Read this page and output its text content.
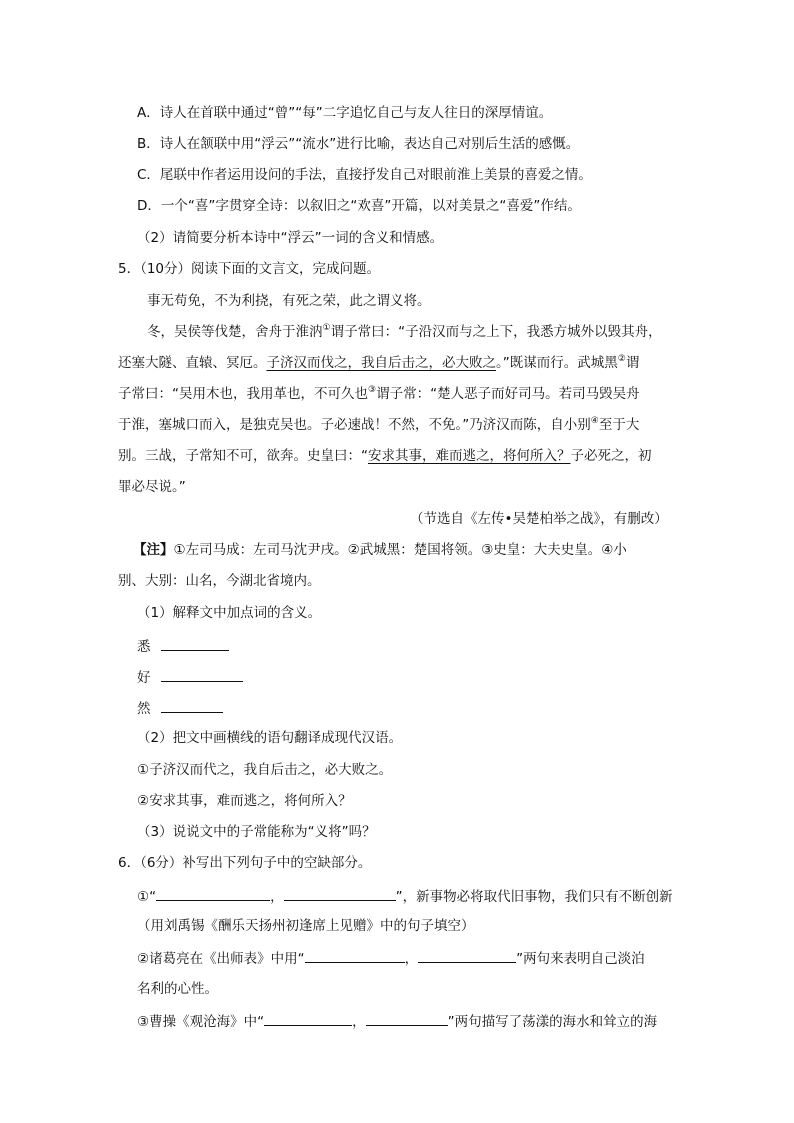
A．诗人在首联中通过“曾”“每”二字追忆自己与友人往日的深厚情谊。
B．诗人在颔联中用“浮云”“流水”进行比喻，表达自己对别后生活的感慨。
C．尾联中作者运用设问的手法，直接抒发自己对眼前淮上美景的喜爱之情。
D．一个“喜”字贯穿全诗：以叙旧之“欢喜”开篇，以对美景之“喜爱”作结。
（2）请简要分析本诗中“浮云”一词的含义和情感。
5．（10分）阅读下面的文言文，完成问题。
事无苟免，不为利挠，有死之荣，此之谓义将。
冬，吴侯等伐楚，舍舟于淮汭①谓子常曰：“子沿汉而与之上下，我悉方城外以毁其舟，
还塞大隧、直辕、冥厄。子济汉而伐之，我自后击之，必大败之。”既谋而行。武城黑②谓
子常曰：“吴用木也，我用革也，不可久也③谓子常：“楚人恶子而好司马。若司马毁吴舟
于淮，塞城口而入，是独克吴也。子必速战！不然，不免。”乃济汉而陈，自小别④至于大
别。三战，子常知不可，欲奔。史皇曰：“安求其事，难而逃之，将何所入？子必死之，初
罪必尽说。”
（节选自《左传•吴楚柏举之战》，有删改）
【注】①左司马成：左司马沈尹戌。②武城黑：楚国将领。③史皇：大夫史皇。④小
别、大别：山名，今湖北省境内。
（1）解释文中加点词的含义。
悉
好
然
（2）把文中画横线的语句翻译成现代汉语。
①子济汉而代之，我自后击之，必大败之。
②安求其事，难而逃之，将何所入？
（3）说说文中的子常能称为“义将”吗？
6．（6分）补写出下列句子中的空缺部分。
①“	，	”，新事物必将取代旧事物，我们只有不断创新
（用刘禹锡《酬乐天扬州初逢席上见赠》中的句子填空）
②诸葛亮在《出师表》中用“	，	”两句来表明自己淡泊
名利的心性。
③曹操《观沧海》中“	，	”两句描写了荡漾的海水和耸立的海
